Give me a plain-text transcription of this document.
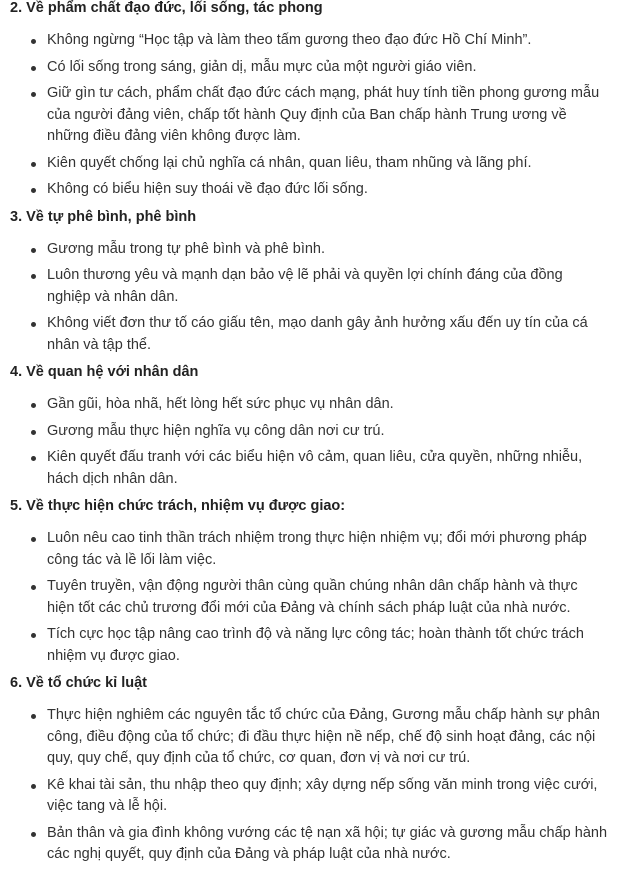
2. Về phẩm chất đạo đức, lối sống, tác phong
Không ngừng “Học tập và làm theo tấm gương theo đạo đức Hồ Chí Minh”.
Có lối sống trong sáng, giản dị, mẫu mực của một người giáo viên.
Giữ gìn tư cách, phẩm chất đạo đức cách mạng, phát huy tính tiền phong gương mẫu của người đảng viên, chấp tốt hành Quy định của Ban chấp hành Trung ương về những điều đảng viên không được làm.
Kiên quyết chống lại chủ nghĩa cá nhân, quan liêu, tham nhũng và lãng phí.
Không có biểu hiện suy thoái về đạo đức lối sống.
3. Về tự phê bình, phê bình
Gương mẫu trong tự phê bình và phê bình.
Luôn thương yêu và mạnh dạn bảo vệ lẽ phải và quyền lợi chính đáng của đồng nghiệp và nhân dân.
Không viết đơn thư tố cáo giấu tên, mạo danh gây ảnh hưởng xấu đến uy tín của cá nhân và tập thể.
4. Về quan hệ với nhân dân
Gần gũi, hòa nhã, hết lòng hết sức phục vụ nhân dân.
Gương mẫu thực hiện nghĩa vụ công dân nơi cư trú.
Kiên quyết đấu tranh với các biểu hiện vô cảm, quan liêu, cửa quyền, những nhiễu, hách dịch nhân dân.
5. Về thực hiện chức trách, nhiệm vụ được giao:
Luôn nêu cao tinh thần trách nhiệm trong thực hiện nhiệm vụ; đổi mới phương pháp công tác và lề lối làm việc.
Tuyên truyền, vận động người thân cùng quần chúng nhân dân chấp hành và thực hiện tốt các chủ trương đổi mới của Đảng và chính sách pháp luật của nhà nước.
Tích cực học tập nâng cao trình độ và năng lực công tác; hoàn thành tốt chức trách nhiệm vụ được giao.
6. Về tổ chức kỉ luật
Thực hiện nghiêm các nguyên tắc tổ chức của Đảng, Gương mẫu chấp hành sự phân công, điều động của tổ chức; đi đầu thực hiện nề nếp, chế độ sinh hoạt đảng, các nội quy, quy chế, quy định của tổ chức, cơ quan, đơn vị và nơi cư trú.
Kê khai tài sản, thu nhập theo quy định; xây dựng nếp sống văn minh trong việc cưới, việc tang và lễ hội.
Bản thân và gia đình không vướng các tệ nạn xã hội; tự giác và gương mẫu chấp hành các nghị quyết, quy định của Đảng và pháp luật của nhà nước.
